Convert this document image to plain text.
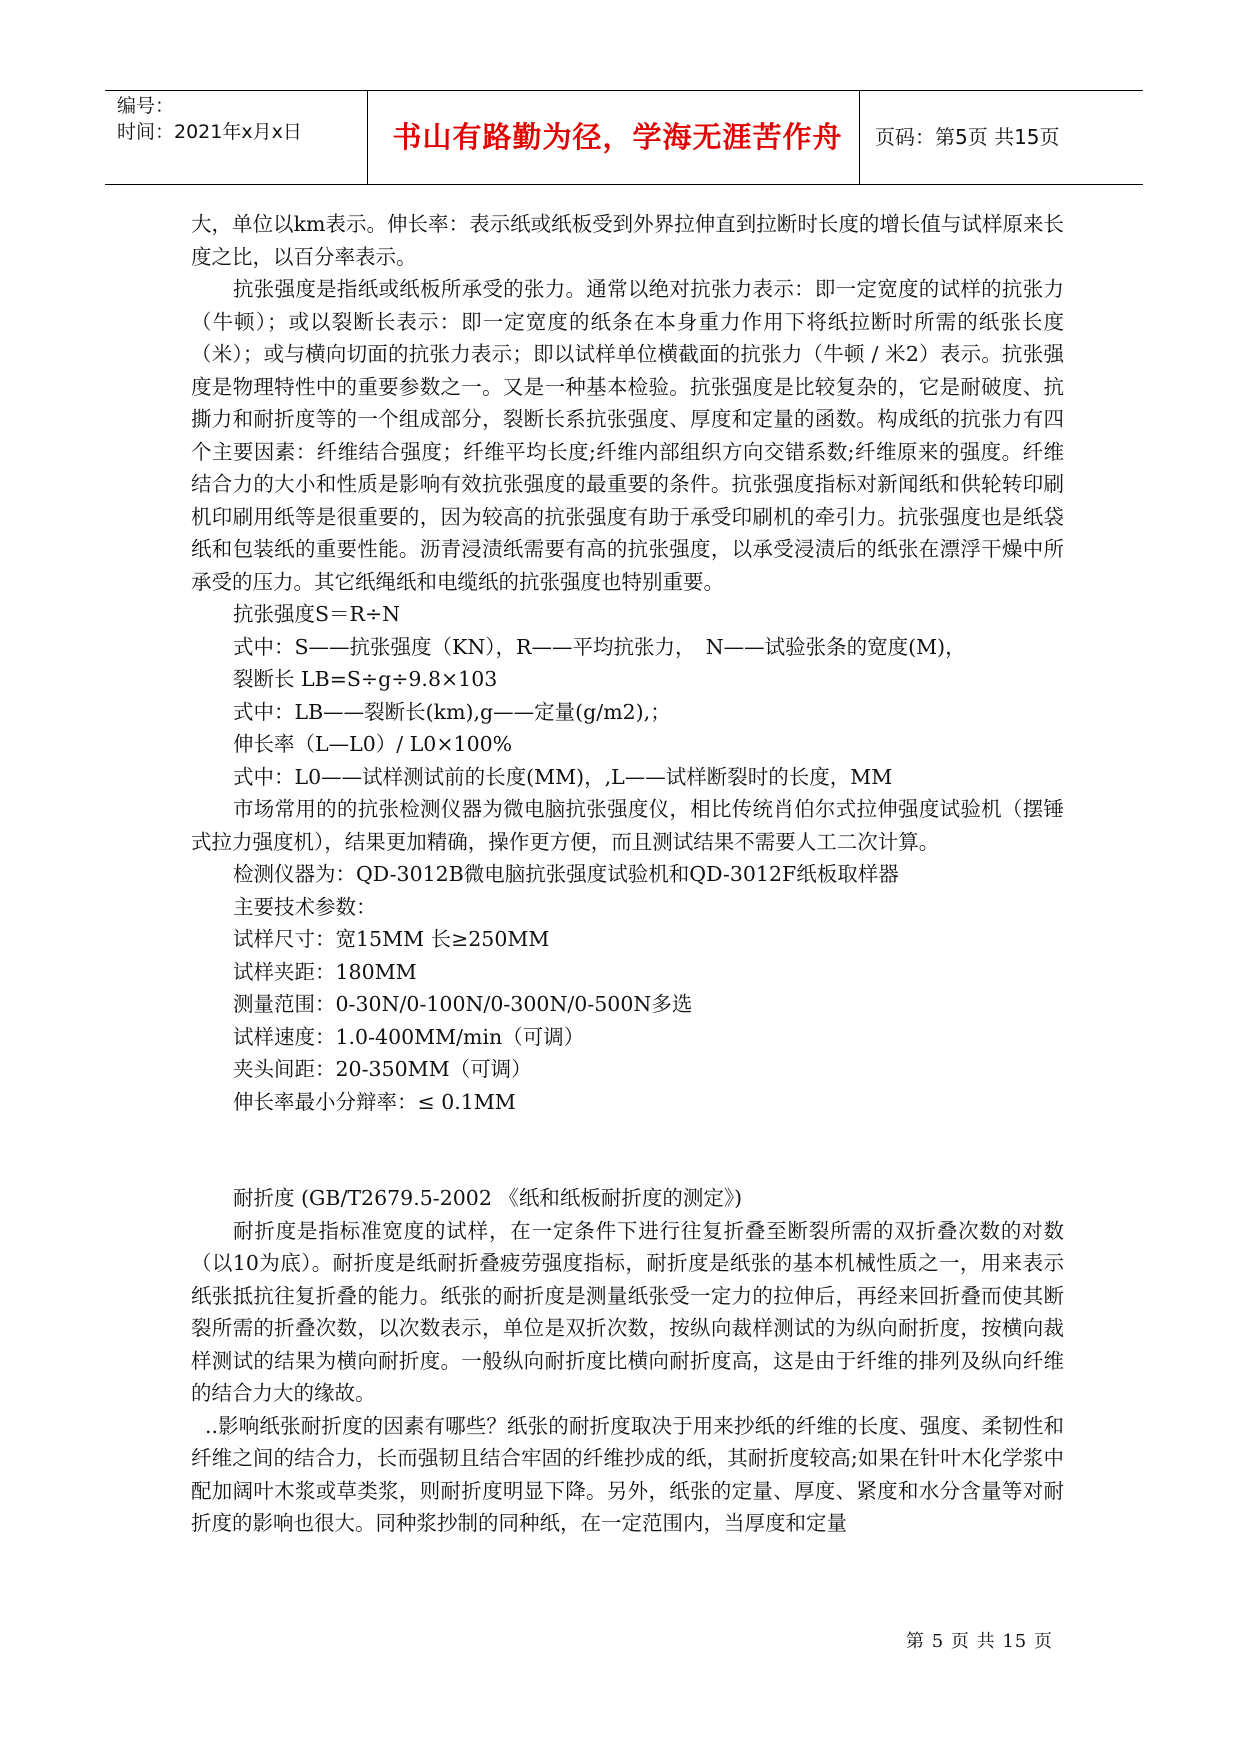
编号：
时间：2021年x月x日	书山有路勤为径，学海无涯苦作舟	页码：第5页 共15页

大，单位以km表示。伸长率：表示纸或纸板受到外界拉伸直到拉断时长度的增长值与试样原来长度之比，以百分率表示。

抗张强度是指纸或纸板所承受的张力。通常以绝对抗张力表示：即一定宽度的试样的抗张力（牛顿）；或以裂断长表示：即一定宽度的纸条在本身重力作用下将纸拉断时所需的纸张长度（米）；或与横向切面的抗张力表示；即以试样单位横截面的抗张力（牛顿 / 米2）表示。抗张强度是物理特性中的重要参数之一。又是一种基本检验。抗张强度是比较复杂的，它是耐破度、抗撕力和耐折度等的一个组成部分，裂断长系抗张强度、厚度和定量的函数。构成纸的抗张力有四个主要因素：纤维结合强度；纤维平均长度;纤维内部组织方向交错系数;纤维原来的强度。纤维结合力的大小和性质是影响有效抗张强度的最重要的条件。抗张强度指标对新闻纸和供轮转印刷机印刷用纸等是很重要的，因为较高的抗张强度有助于承受印刷机的牵引力。抗张强度也是纸袋纸和包装纸的重要性能。沥青浸渍纸需要有高的抗张强度，以承受浸渍后的纸张在漂浮干燥中所承受的压力。其它纸绳纸和电缆纸的抗张强度也特别重要。

抗张强度S＝R÷N

式中：S——抗张强度（KN），R——平均抗张力，　N——试验张条的宽度(M)，

裂断长 LB=S÷g÷9.8×103

式中：LB——裂断长(km),g——定量(g/m2),；

伸长率（L—L0）/ L0×100%

式中：L0——试样测试前的长度(MM)，,L——试样断裂时的长度，MM

市场常用的的抗张检测仪器为微电脑抗张强度仪，相比传统肖伯尔式拉伸强度试验机（摆锤式拉力强度机），结果更加精确，操作更方便，而且测试结果不需要人工二次计算。

检测仪器为：QD-3012B微电脑抗张强度试验机和QD-3012F纸板取样器

主要技术参数：

试样尺寸：宽15MM 长≥250MM

试样夹距：180MM

测量范围：0-30N/0-100N/0-300N/0-500N多选

试样速度：1.0-400MM/min（可调）

夹头间距：20-350MM（可调）

伸长率最小分辩率：≤ 0.1MM

耐折度 (GB/T2679.5-2002 《纸和纸板耐折度的测定》)

耐折度是指标准宽度的试样，在一定条件下进行往复折叠至断裂所需的双折叠次数的对数（以10为底）。耐折度是纸耐折叠疲劳强度指标，耐折度是纸张的基本机械性质之一，用来表示纸张抵抗往复折叠的能力。纸张的耐折度是测量纸张受一定力的拉伸后，再经来回折叠而使其断裂所需的折叠次数，以次数表示，单位是双折次数，按纵向裁样测试的为纵向耐折度，按横向裁样测试的结果为横向耐折度。一般纵向耐折度比横向耐折度高，这是由于纤维的排列及纵向纤维的结合力大的缘故。

..影响纸张耐折度的因素有哪些？纸张的耐折度取决于用来抄纸的纤维的长度、强度、柔韧性和纤维之间的结合力，长而强韧且结合牢固的纤维抄成的纸，其耐折度较高;如果在针叶木化学浆中配加阔叶木浆或草类浆，则耐折度明显下降。另外，纸张的定量、厚度、紧度和水分含量等对耐折度的影响也很大。同种浆抄制的同种纸，在一定范围内，当厚度和定量

第 5 页 共 15 页
